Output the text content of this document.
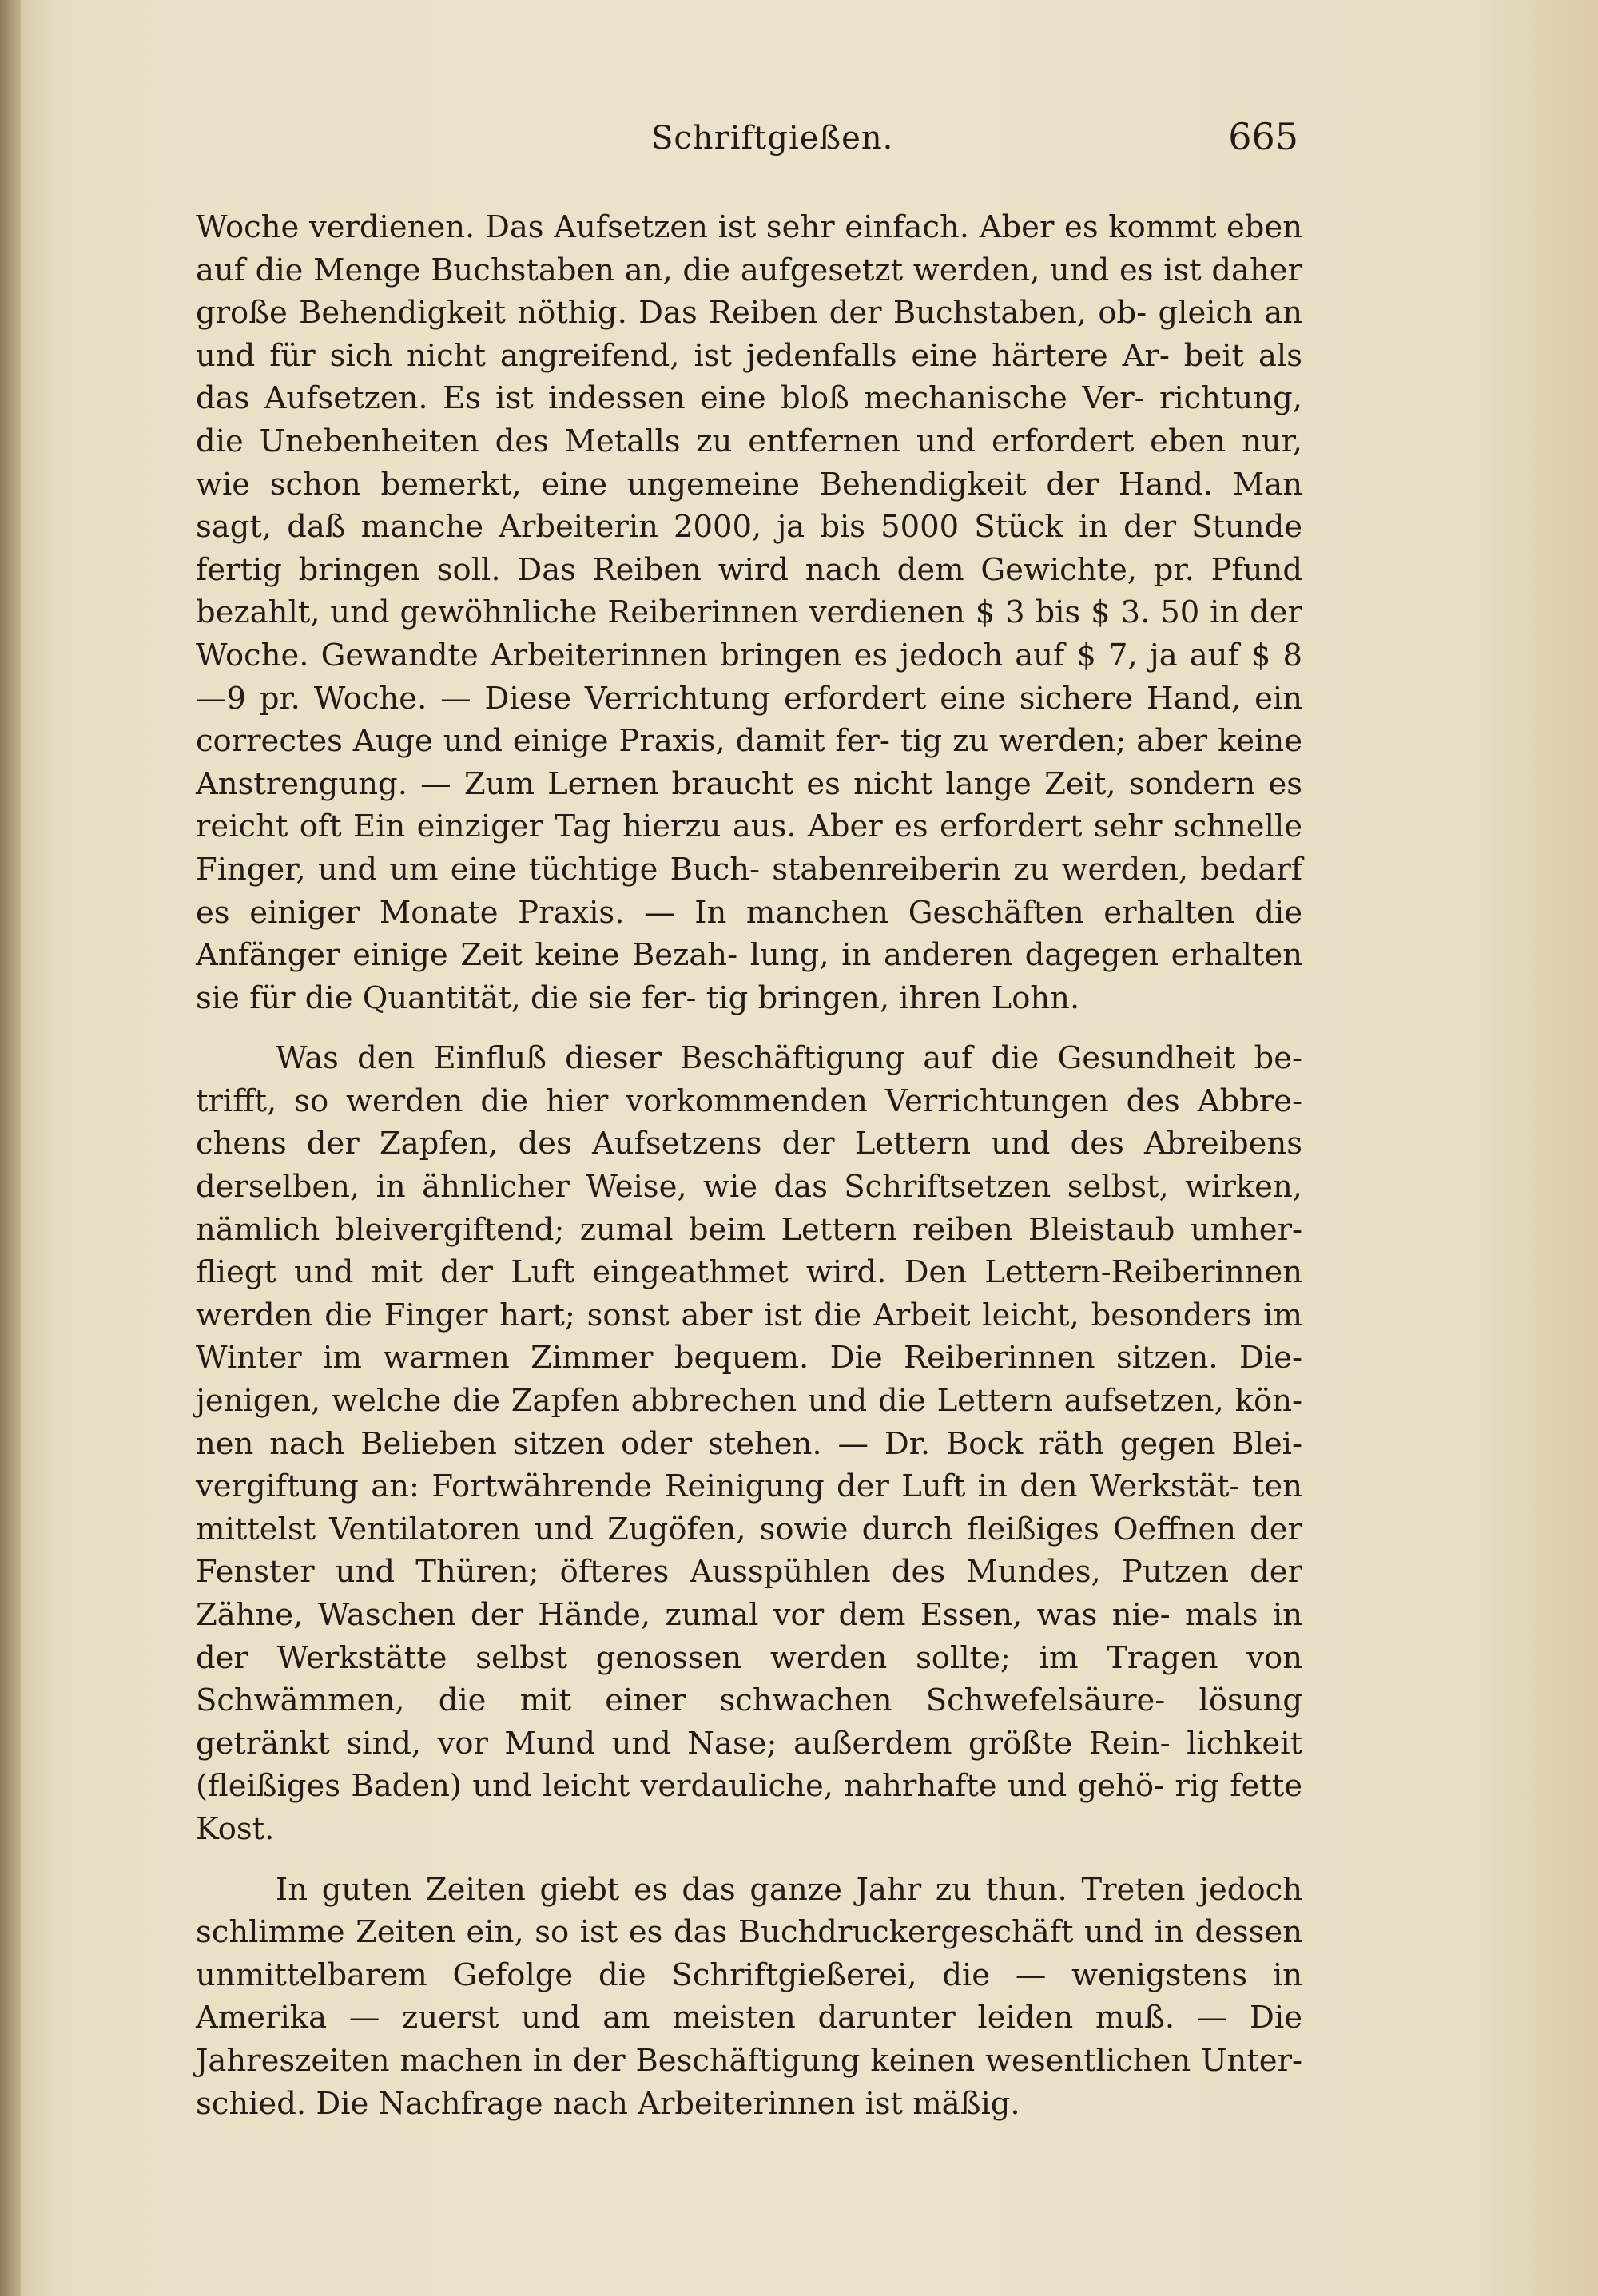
Schriftgießen.	665

Woche verdienen. Das Aufsetzen ist sehr einfach. Aber es kommt eben auf die Menge Buchstaben an, die aufgesetzt werden, und es ist daher große Behendigkeit nöthig. Das Reiben der Buchstaben, ob‐ gleich an und für sich nicht angreifend, ist jedenfalls eine härtere Ar‐ beit als das Aufsetzen. Es ist indessen eine bloß mechanische Ver‐ richtung, die Unebenheiten des Metalls zu entfernen und erfordert eben nur, wie schon bemerkt, eine ungemeine Behendigkeit der Hand. Man sagt, daß manche Arbeiterin 2000, ja bis 5000 Stück in der Stunde fertig bringen soll. Das Reiben wird nach dem Gewichte, pr. Pfund bezahlt, und gewöhnliche Reiberinnen verdienen $ 3 bis $ 3. 50 in der Woche. Gewandte Arbeiterinnen bringen es jedoch auf $ 7, ja auf $ 8—9 pr. Woche. — Diese Verrichtung erfordert eine sichere Hand, ein correctes Auge und einige Praxis, damit fer‐ tig zu werden; aber keine Anstrengung. — Zum Lernen braucht es nicht lange Zeit, sondern es reicht oft Ein einziger Tag hierzu aus. Aber es erfordert sehr schnelle Finger, und um eine tüchtige Buch‐ stabenreiberin zu werden, bedarf es einiger Monate Praxis. — In manchen Geschäften erhalten die Anfänger einige Zeit keine Bezah‐ lung, in anderen dagegen erhalten sie für die Quantität, die sie fer‐ tig bringen, ihren Lohn.

Was den Einfluß dieser Beschäftigung auf die Gesundheit be‐ trifft, so werden die hier vorkommenden Verrichtungen des Abbre‐ chens der Zapfen, des Aufsetzens der Lettern und des Abreibens derselben, in ähnlicher Weise, wie das Schriftsetzen selbst, wirken, nämlich bleivergiftend; zumal beim Lettern reiben Bleistaub umher‐ fliegt und mit der Luft eingeathmet wird. Den Lettern‐Reiberinnen werden die Finger hart; sonst aber ist die Arbeit leicht, besonders im Winter im warmen Zimmer bequem. Die Reiberinnen sitzen. Die‐ jenigen, welche die Zapfen abbrechen und die Lettern aufsetzen, kön‐ nen nach Belieben sitzen oder stehen. — Dr. Bock räth gegen Blei‐ vergiftung an: Fortwährende Reinigung der Luft in den Werkstät‐ ten mittelst Ventilatoren und Zugöfen, sowie durch fleißiges Oeffnen der Fenster und Thüren; öfteres Ausspühlen des Mundes, Putzen der Zähne, Waschen der Hände, zumal vor dem Essen, was nie‐ mals in der Werkstätte selbst genossen werden sollte; im Tragen von Schwämmen, die mit einer schwachen Schwefelsäure‐ lösung getränkt sind, vor Mund und Nase; außerdem größte Rein‐ lichkeit (fleißiges Baden) und leicht verdauliche, nahrhafte und gehö‐ rig fette Kost.

In guten Zeiten giebt es das ganze Jahr zu thun. Treten jedoch schlimme Zeiten ein, so ist es das Buchdruckergeschäft und in dessen unmittelbarem Gefolge die Schriftgießerei, die — wenigstens in Amerika — zuerst und am meisten darunter leiden muß. — Die Jahreszeiten machen in der Beschäftigung keinen wesentlichen Unter‐ schied. Die Nachfrage nach Arbeiterinnen ist mäßig.
